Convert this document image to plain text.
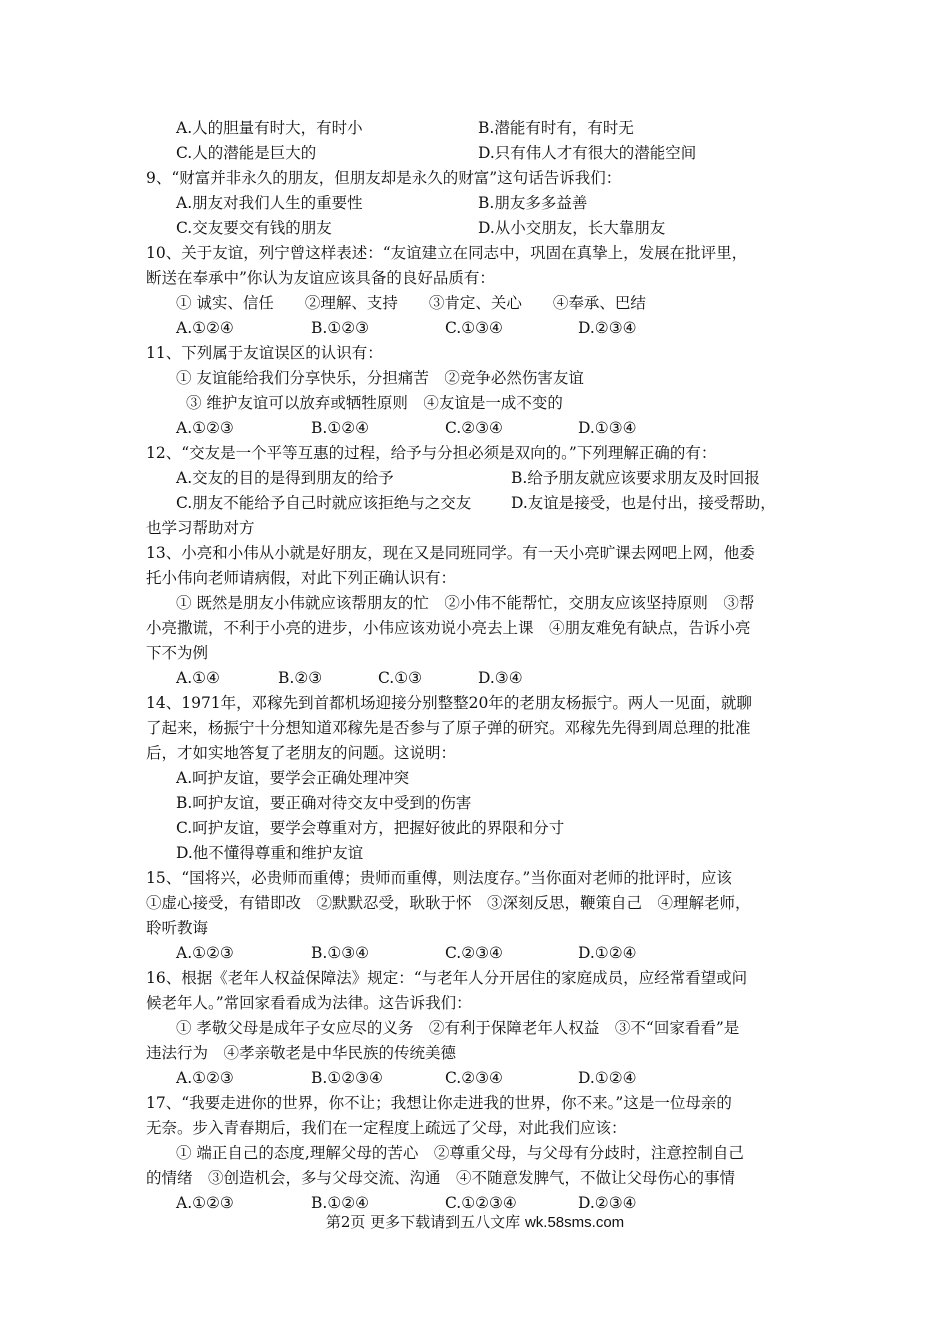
A.人的胆量有时大，有时小	B.潜能有时有，有时无
C.人的潜能是巨大的	D.只有伟人才有很大的潜能空间
9、“财富并非永久的朋友，但朋友却是永久的财富”这句话告诉我们：
A.朋友对我们人生的重要性	B.朋友多多益善
C.交友要交有钱的朋友	D.从小交朋友，长大靠朋友
10、关于友谊，列宁曾这样表述：“友谊建立在同志中，巩固在真挚上，发展在批评里，
断送在奉承中”你认为友谊应该具备的良好品质有：
① 诚实、信任　　②理解、支持　　③肯定、关心　　④奉承、巴结
A.①②④	B.①②③	C.①③④	D.②③④
11、下列属于友谊误区的认识有：
① 友谊能给我们分享快乐，分担痛苦　②竞争必然伤害友谊
③ 维护友谊可以放弃或牺牲原则　④友谊是一成不变的
A.①②③	B.①②④	C.②③④	D.①③④
12、“交友是一个平等互惠的过程，给予与分担必须是双向的。”下列理解正确的有：
A.交友的目的是得到朋友的给予	B.给予朋友就应该要求朋友及时回报
C.朋友不能给予自己时就应该拒绝与之交友	D.友谊是接受，也是付出，接受帮助，
也学习帮助对方
13、小亮和小伟从小就是好朋友，现在又是同班同学。有一天小亮旷课去网吧上网，他委
托小伟向老师请病假，对此下列正确认识有：
① 既然是朋友小伟就应该帮朋友的忙　②小伟不能帮忙，交朋友应该坚持原则　③帮
小亮撒谎，不利于小亮的进步，小伟应该劝说小亮去上课　④朋友难免有缺点，告诉小亮
下不为例
A.①④	B.②③	C.①③	D.③④
14、1971年，邓稼先到首都机场迎接分别整整20年的老朋友杨振宁。两人一见面，就聊
了起来，杨振宁十分想知道邓稼先是否参与了原子弹的研究。邓稼先先得到周总理的批准
后，才如实地答复了老朋友的问题。这说明：
A.呵护友谊，要学会正确处理冲突
B.呵护友谊，要正确对待交友中受到的伤害
C.呵护友谊，要学会尊重对方，把握好彼此的界限和分寸
D.他不懂得尊重和维护友谊
15、“国将兴，必贵师而重傅；贵师而重傅，则法度存。”当你面对老师的批评时，应该
①虚心接受，有错即改　②默默忍受，耿耿于怀　③深刻反思，鞭策自己　④理解老师，
聆听教诲
A.①②③	B.①③④	C.②③④	D.①②④
16、根据《老年人权益保障法》规定：“与老年人分开居住的家庭成员，应经常看望或问
候老年人。”常回家看看成为法律。这告诉我们：
① 孝敬父母是成年子女应尽的义务　②有利于保障老年人权益　③不“回家看看”是
违法行为　④孝亲敬老是中华民族的传统美德
A.①②③	B.①②③④	C.②③④	D.①②④
17、“我要走进你的世界，你不让；我想让你走进我的世界，你不来。”这是一位母亲的
无奈。步入青春期后，我们在一定程度上疏远了父母，对此我们应该：
① 端正自己的态度,理解父母的苦心　②尊重父母，与父母有分歧时，注意控制自己
的情绪　③创造机会，多与父母交流、沟通　④不随意发脾气，不做让父母伤心的事情
A.①②③	B.①②④	C.①②③④	D.②③④
第2页 更多下载请到五八文库 wk.58sms.com
